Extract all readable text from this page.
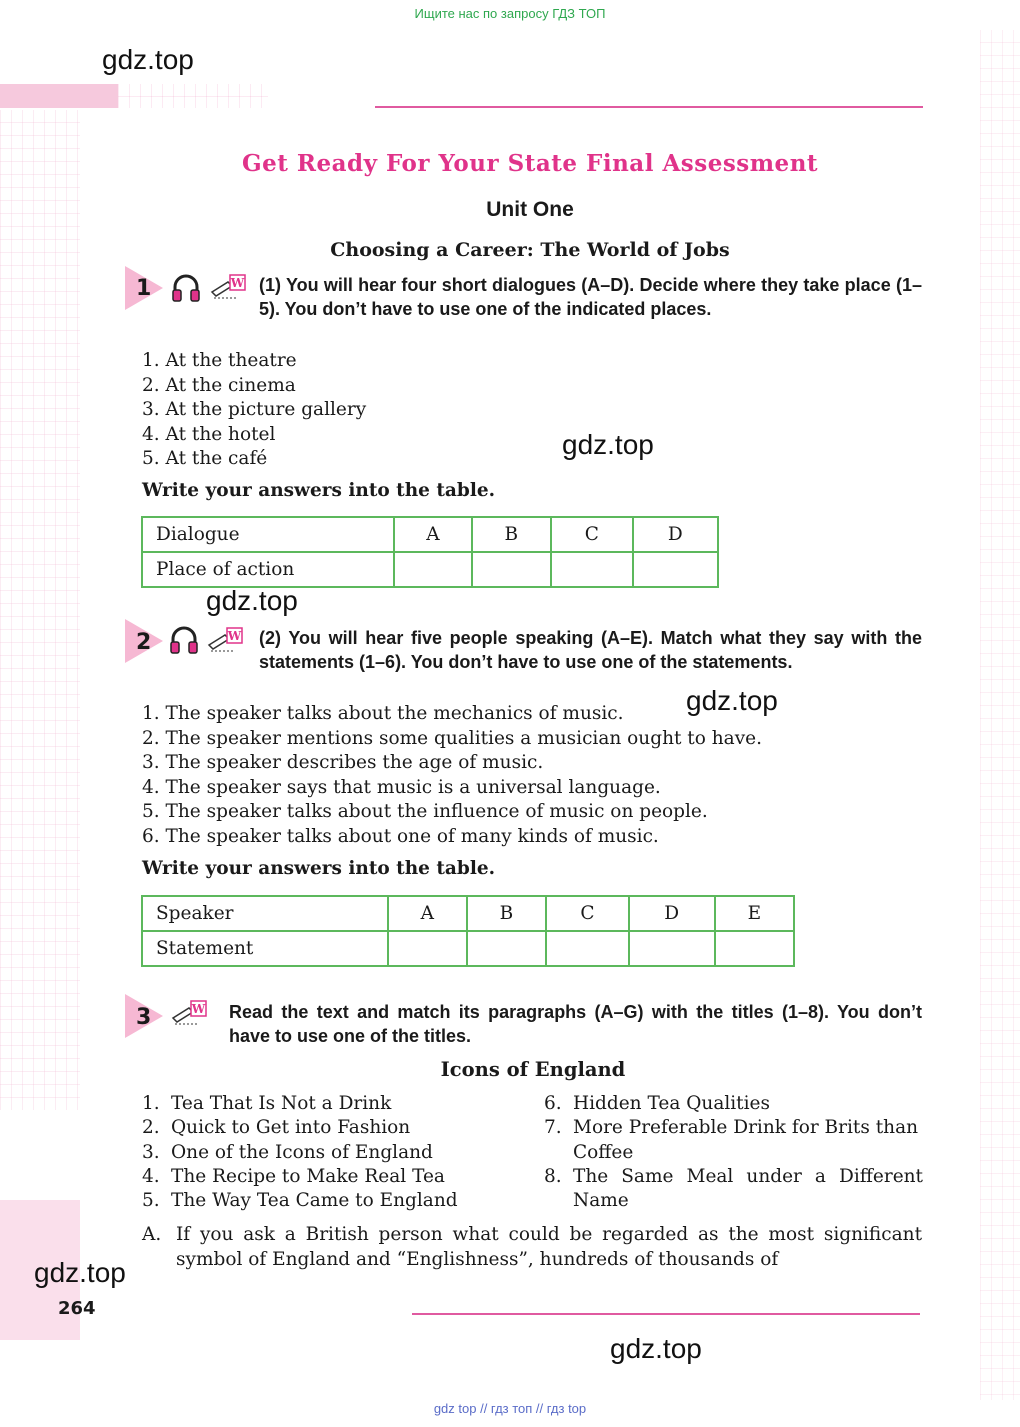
Ищите нас по запросу ГДЗ ТОП
gdz.top
Get Ready For Your State Final Assessment
Unit One
Choosing a Career: The World of Jobs
1	W (1) You will hear four short dialogues (A–D). Decide where they take place (1–5). You don’t have to use one of the indicated places.
1. At the theatre
2. At the cinema
3. At the picture gallery
4. At the hotel
5. At the café	gdz.top
Write your answers into the table.
Dialogue	A	B	C	D
Place of action				
gdz.top
2	W (2) You will hear five people speaking (A–E). Match what they say with the statements (1–6). You don’t have to use one of the statements.
1. The speaker talks about the mechanics of music.
2. The speaker mentions some qualities a musician ought to have.
3. The speaker describes the age of music.
4. The speaker says that music is a universal language.
5. The speaker talks about the influence of music on people.
6. The speaker talks about one of many kinds of music.
gdz.top
Write your answers into the table.
Speaker	A	B	C	D	E
Statement					
3	W Read the text and match its paragraphs (A–G) with the titles (1–8). You don’t have to use one of the titles.
Icons of England
1. Tea That Is Not a Drink
2. Quick to Get into Fashion
3. One of the Icons of England
4. The Recipe to Make Real Tea
5. The Way Tea Came to England
6. Hidden Tea Qualities
7. More Preferable Drink for Brits than Coffee
8. The Same Meal under a Different Name
A. If you ask a British person what could be regarded as the most significant symbol of England and “Englishness”, hundreds of thousands of
gdz.top
264
gdz.top
gdz top // гдз топ // гдз top
